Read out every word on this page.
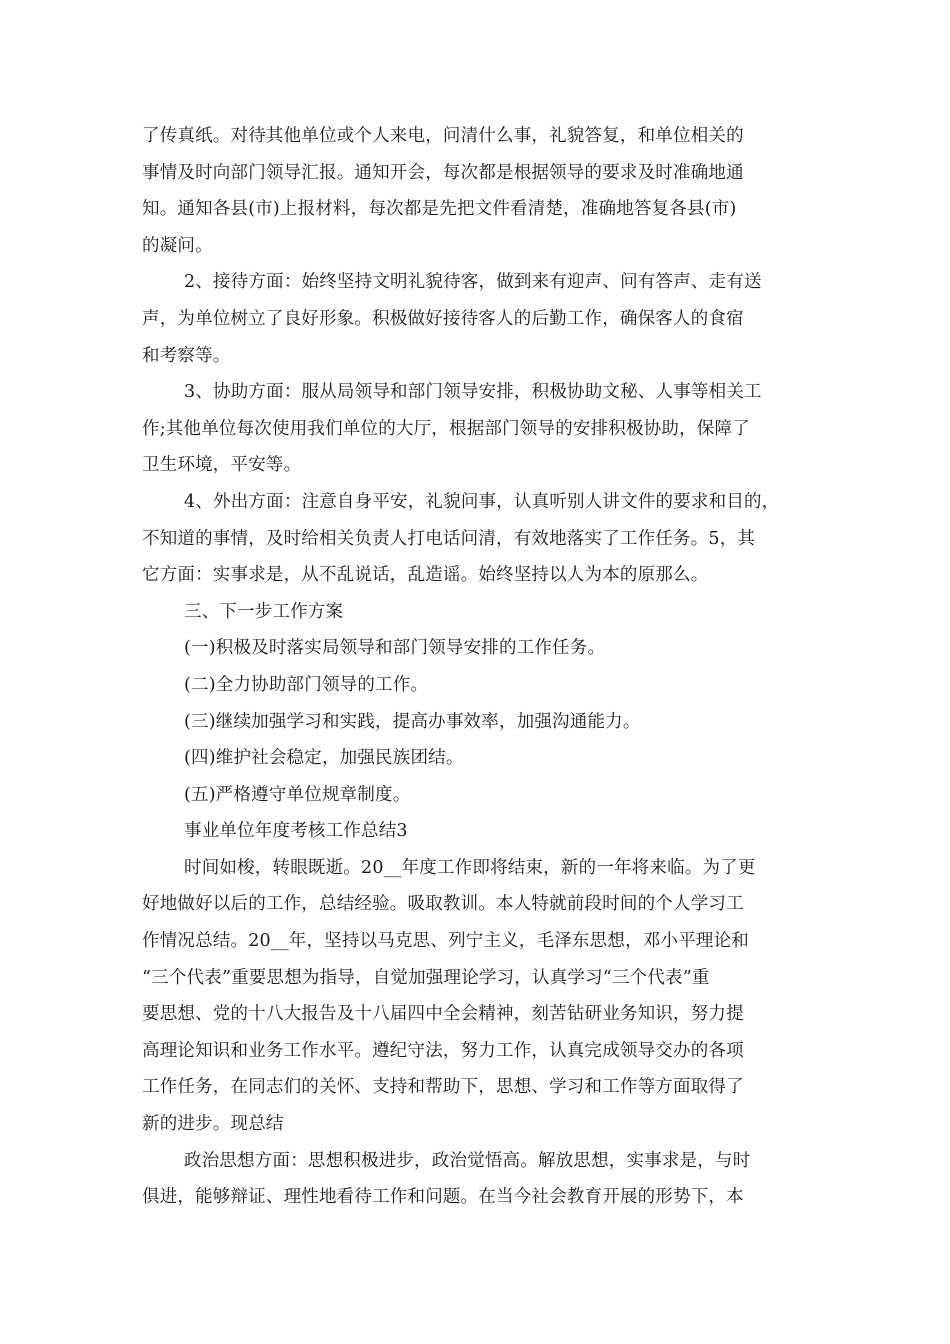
了传真纸。对待其他单位或个人来电，问清什么事，礼貌答复，和单位相关的
事情及时向部门领导汇报。通知开会，每次都是根据领导的要求及时准确地通
知。通知各县(市)上报材料，每次都是先把文件看清楚，准确地答复各县(市)
的凝问。
2、接待方面：始终坚持文明礼貌待客，做到来有迎声、问有答声、走有送
声，为单位树立了良好形象。积极做好接待客人的后勤工作，确保客人的食宿
和考察等。
3、协助方面：服从局领导和部门领导安排，积极协助文秘、人事等相关工
作;其他单位每次使用我们单位的大厅，根据部门领导的安排积极协助，保障了
卫生环境，平安等。
4、外出方面：注意自身平安，礼貌问事，认真听别人讲文件的要求和目的，
不知道的事情，及时给相关负责人打电话问清，有效地落实了工作任务。5，其
它方面：实事求是，从不乱说话，乱造谣。始终坚持以人为本的原那么。
三、下一步工作方案
(一)积极及时落实局领导和部门领导安排的工作任务。
(二)全力协助部门领导的工作。
(三)继续加强学习和实践，提高办事效率，加强沟通能力。
(四)维护社会稳定，加强民族团结。
(五)严格遵守单位规章制度。
事业单位年度考核工作总结3
时间如梭，转眼既逝。20__年度工作即将结束，新的一年将来临。为了更
好地做好以后的工作，总结经验。吸取教训。本人特就前段时间的个人学习工
作情况总结。20__年，坚持以马克思、列宁主义，毛泽东思想，邓小平理论和
“三个代表”重要思想为指导，自觉加强理论学习，认真学习“三个代表”重
要思想、党的十八大报告及十八届四中全会精神，刻苦钻研业务知识，努力提
高理论知识和业务工作水平。遵纪守法，努力工作，认真完成领导交办的各项
工作任务，在同志们的关怀、支持和帮助下，思想、学习和工作等方面取得了
新的进步。现总结
政治思想方面：思想积极进步，政治觉悟高。解放思想，实事求是，与时
俱进，能够辩证、理性地看待工作和问题。在当今社会教育开展的形势下，本
